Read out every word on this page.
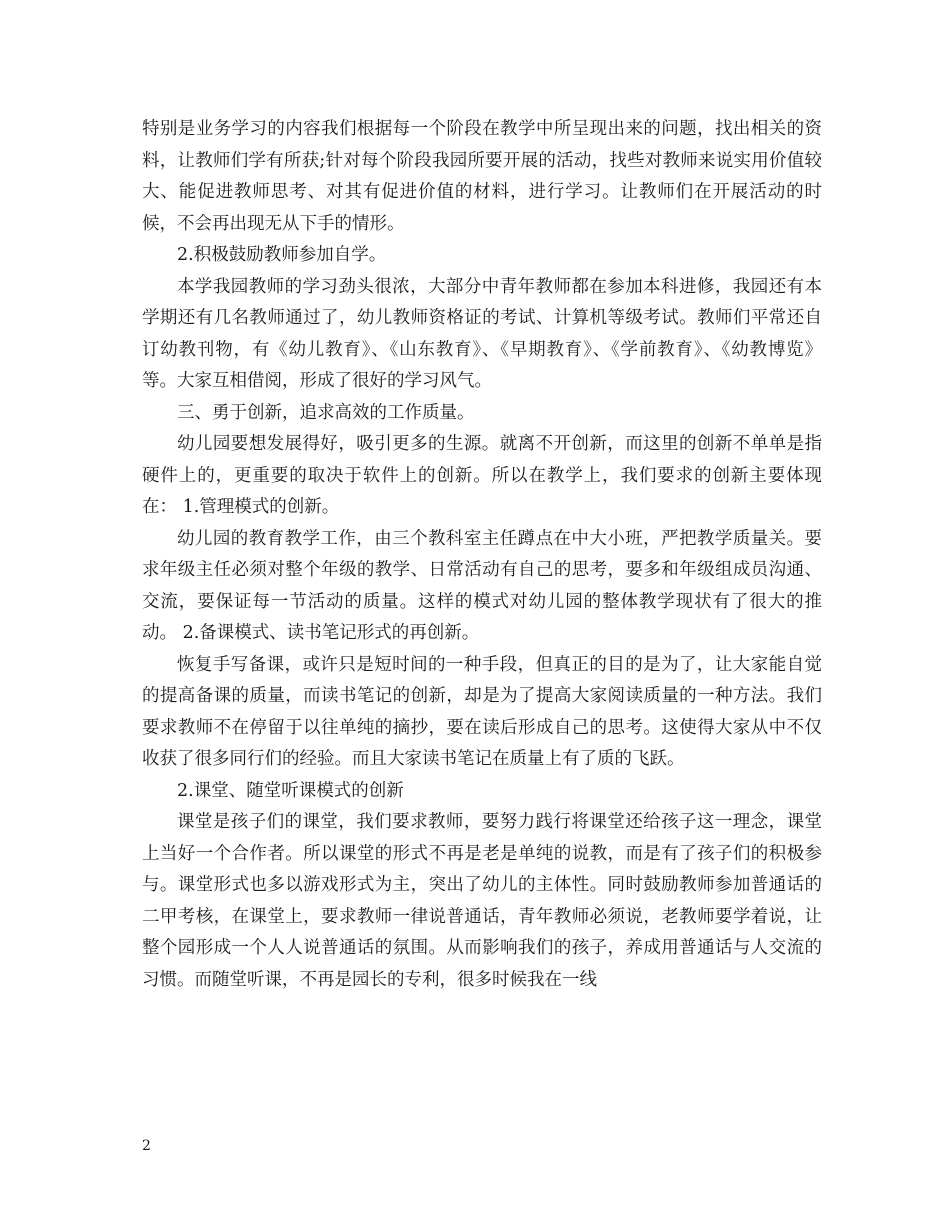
特别是业务学习的内容我们根据每一个阶段在教学中所呈现出来的问题，找出相关的资料，让教师们学有所获;针对每个阶段我园所要开展的活动，找些对教师来说实用价值较大、能促进教师思考、对其有促进价值的材料，进行学习。让教师们在开展活动的时候，不会再出现无从下手的情形。

2.积极鼓励教师参加自学。

本学我园教师的学习劲头很浓，大部分中青年教师都在参加本科进修，我园还有本学期还有几名教师通过了，幼儿教师资格证的考试、计算机等级考试。教师们平常还自订幼教刊物，有《幼儿教育》、《山东教育》、《早期教育》、《学前教育》、《幼教博览》等。大家互相借阅，形成了很好的学习风气。

三、勇于创新，追求高效的工作质量。

幼儿园要想发展得好，吸引更多的生源。就离不开创新，而这里的创新不单单是指硬件上的，更重要的取决于软件上的创新。所以在教学上，我们要求的创新主要体现在： 1.管理模式的创新。

幼儿园的教育教学工作，由三个教科室主任蹲点在中大小班，严把教学质量关。要求年级主任必须对整个年级的教学、日常活动有自己的思考，要多和年级组成员沟通、交流，要保证每一节活动的质量。这样的模式对幼儿园的整体教学现状有了很大的推动。 2.备课模式、读书笔记形式的再创新。

恢复手写备课，或许只是短时间的一种手段，但真正的目的是为了，让大家能自觉的提高备课的质量，而读书笔记的创新，却是为了提高大家阅读质量的一种方法。我们要求教师不在停留于以往单纯的摘抄，要在读后形成自己的思考。这使得大家从中不仅收获了很多同行们的经验。而且大家读书笔记在质量上有了质的飞跃。

2.课堂、随堂听课模式的创新

课堂是孩子们的课堂，我们要求教师，要努力践行将课堂还给孩子这一理念，课堂上当好一个合作者。所以课堂的形式不再是老是单纯的说教，而是有了孩子们的积极参与。课堂形式也多以游戏形式为主，突出了幼儿的主体性。同时鼓励教师参加普通话的二甲考核，在课堂上，要求教师一律说普通话，青年教师必须说，老教师要学着说，让整个园形成一个人人说普通话的氛围。从而影响我们的孩子，养成用普通话与人交流的习惯。而随堂听课，不再是园长的专利，很多时候我在一线

2
